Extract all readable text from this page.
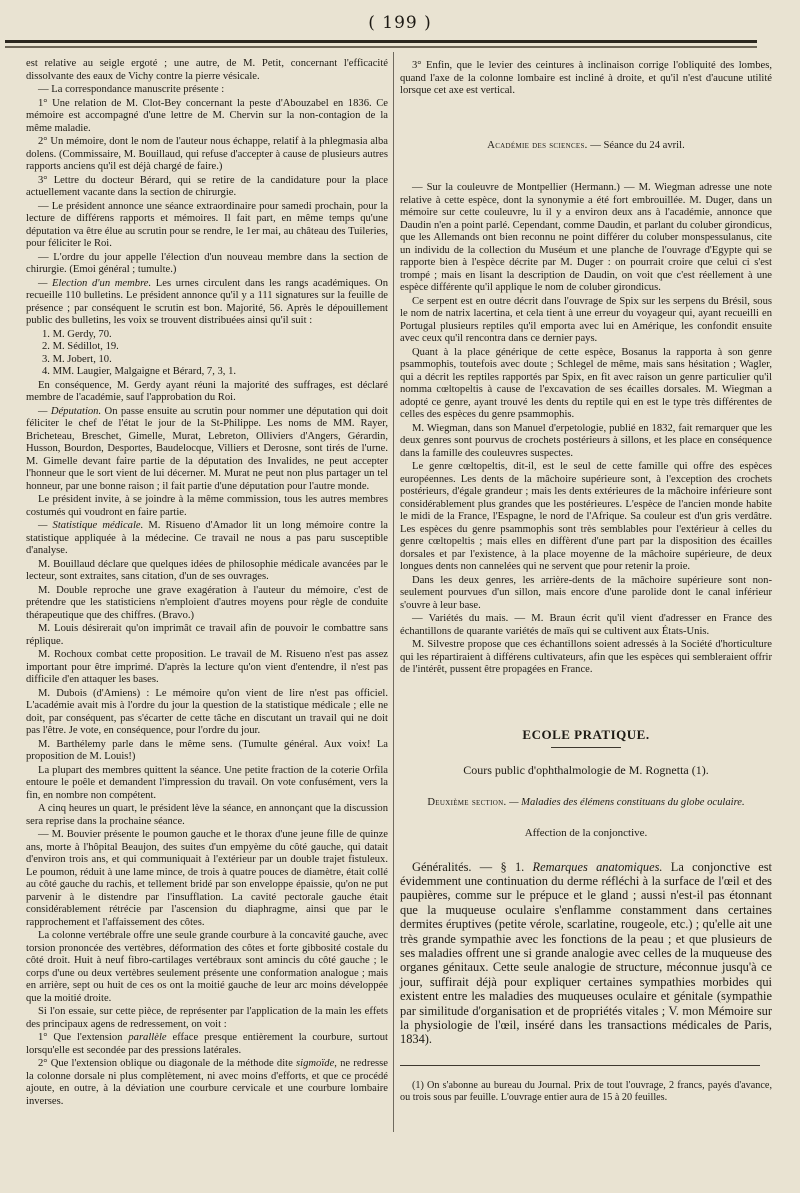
( 199 )

est relative au seigle ergoté ; une autre, de M. Petit, concernant l'efficacité dissolvante des eaux de Vichy contre la pierre vésicale.

— La correspondance manuscrite présente :

1° Une relation de M. Clot-Bey concernant la peste d'Abouzabel en 1836. Ce mémoire est accompagné d'une lettre de M. Chervin sur la non-contagion de la même maladie.

2° Un mémoire, dont le nom de l'auteur nous échappe, relatif à la phlegmasia alba dolens. (Commissaire, M. Bouillaud, qui refuse d'accepter à cause de plusieurs autres rapports anciens qu'il est déjà chargé de faire.)

3° Lettre du docteur Bérard, qui se retire de la candidature pour la place actuellement vacante dans la section de chirurgie.

— Le président annonce une séance extraordinaire pour samedi prochain, pour la lecture de différens rapports et mémoires. Il fait part, en même temps qu'une députation va être élue au scrutin pour se rendre, le 1er mai, au château des Tuileries, pour féliciter le Roi.

— L'ordre du jour appelle l'élection d'un nouveau membre dans la section de chirurgie. (Emoi général ; tumulte.)

— Election d'un membre. Les urnes circulent dans les rangs académiques. On recueille 110 bulletins. Le président annonce qu'il y a 111 signatures sur la feuille de présence ; par conséquent le scrutin est bon. Majorité, 56. Après le dépouillement public des bulletins, les voix se trouvent distribuées ainsi qu'il suit :

1. M. Gerdy, 70.
2. M. Sédillot, 19.
3. M. Jobert, 10.
4. MM. Laugier, Malgaigne et Bérard, 7, 3, 1.

En conséquence, M. Gerdy ayant réuni la majorité des suffrages, est déclaré membre de l'académie, sauf l'approbation du Roi.

— Députation. On passe ensuite au scrutin pour nommer une députation qui doit féliciter le chef de l'état le jour de la St-Philippe. Les noms de MM. Rayer, Bricheteau, Breschet, Gimelle, Murat, Lebreton, Olliviers d'Angers, Gérardin, Husson, Bourdon, Desportes, Baudelocque, Villiers et Derosne, sont tirés de l'urne. M. Gimelle devant faire partie de la députation des Invalides, ne peut accepter l'honneur que le sort vient de lui décerner. M. Murat ne peut non plus partager un tel honneur, par une bonne raison ; il fait partie d'une députation pour l'autre monde.

Le président invite, à se joindre à la même commission, tous les autres membres costumés qui voudront en faire partie.

— Statistique médicale. M. Risueno d'Amador lit un long mémoire contre la statistique appliquée à la médecine. Ce travail ne nous a pas paru susceptible d'analyse.

M. Bouillaud déclare que quelques idées de philosophie médicale avancées par le lecteur, sont extraites, sans citation, d'un de ses ouvrages.

M. Double reproche une grave exagération à l'auteur du mémoire, c'est de prétendre que les statisticiens n'emploient d'autres moyens pour règle de conduite thérapeutique que des chiffres. (Bravo.)

M. Louis désirerait qu'on imprimât ce travail afin de pouvoir le combattre sans réplique.

M. Rochoux combat cette proposition. Le travail de M. Risueno n'est pas assez important pour être imprimé. D'après la lecture qu'on vient d'entendre, il n'est pas difficile d'en attaquer les bases.

M. Dubois (d'Amiens) : Le mémoire qu'on vient de lire n'est pas officiel. L'académie avait mis à l'ordre du jour la question de la statistique médicale ; elle ne doit, par conséquent, pas s'écarter de cette tâche en discutant un travail qui ne doit pas l'être. Je vote, en conséquence, pour l'ordre du jour.

M. Barthélemy parle dans le même sens. (Tumulte général. Aux voix! La proposition de M. Louis!)

La plupart des membres quittent la séance. Une petite fraction de la coterie Orfila entoure le poêle et demandent l'impression du travail. On vote confusément, vers la fin, en nombre non compétent.

A cinq heures un quart, le président lève la séance, en annonçant que la discussion sera reprise dans la prochaine séance.

— M. Bouvier présente le poumon gauche et le thorax d'une jeune fille de quinze ans, morte à l'hôpital Beaujon, des suites d'un empyème du côté gauche, qui datait d'environ trois ans, et qui communiquait à l'extérieur par un double trajet fistuleux. Le poumon, réduit à une lame mince, de trois à quatre pouces de diamètre, était collé au côté gauche du rachis, et tellement bridé par son enveloppe épaissie, qu'on ne put parvenir à le distendre par l'insufflation. La cavité pectorale gauche était considérablement rétrécie par l'ascension du diaphragme, ainsi que par le rapprochement et l'affaissement des côtes.

La colonne vertébrale offre une seule grande courbure à la concavité gauche, avec torsion prononcée des vertèbres, déformation des côtes et forte gibbosité costale du côté droit. Huit à neuf fibro-cartilages vertébraux sont amincis du côté gauche ; le corps d'une ou deux vertèbres seulement présente une conformation analogue ; mais en arrière, sept ou huit de ces os ont la moitié gauche de leur arc moins développée que la moitié droite.

Si l'on essaie, sur cette pièce, de représenter par l'application de la main les effets des principaux agens de redressement, on voit :

1° Que l'extension parallèle efface presque entièrement la courbure, surtout lorsqu'elle est secondée par des pressions latérales.

2° Que l'extension oblique ou diagonale de la méthode dite sigmoïde, ne redresse la colonne dorsale ni plus complètement, ni avec moins d'efforts, et que ce procédé ajoute, en outre, à la déviation une courbure cervicale et une courbure lombaire inverses.

3° Enfin, que le levier des ceintures à inclinaison corrige l'obliquité des lombes, quand l'axe de la colonne lombaire est incliné à droite, et qu'il n'est d'aucune utilité lorsque cet axe est vertical.

Académie des sciences. — Séance du 24 avril.

— Sur la couleuvre de Montpellier (Hermann.) — M. Wiegman adresse une note relative à cette espèce, dont la synonymie a été fort embrouillée. M. Duger, dans un mémoire sur cette couleuvre, lu il y a environ deux ans à l'académie, annonce que Daudin n'en a point parlé. Cependant, comme Daudin, et parlant du coluber girondicus, que les Allemands ont bien reconnu ne point différer du coluber monspessulanus, cite un individu de la collection du Muséum et une planche de l'ouvrage d'Egypte qui se rapporte bien à l'espèce décrite par M. Duger : on pourrait croire que celui ci s'est trompé ; mais en lisant la description de Daudin, on voit que c'est réellement à une espèce différente qu'il applique le nom de coluber girondicus.

Ce serpent est en outre décrit dans l'ouvrage de Spix sur les serpens du Brésil, sous le nom de natrix lacertina, et cela tient à une erreur du voyageur qui, ayant recueilli en Portugal plusieurs reptiles qu'il emporta avec lui en Amérique, les confondit ensuite avec ceux qu'il rencontra dans ce dernier pays.

Quant à la place générique de cette espèce, Bosanus la rapporta à son genre psammophis, toutefois avec doute ; Schlegel de même, mais sans hésitation ; Wagler, qui a décrit les reptiles rapportés par Spix, en fit avec raison un genre particulier qu'il nomma cœltopeltis à cause de l'excavation de ses écailles dorsales. M. Wiegman a adopté ce genre, ayant trouvé les dents du reptile qui en est le type très différentes de celles des espèces du genre psammophis.

M. Wiegman, dans son Manuel d'erpetologie, publié en 1832, fait remarquer que les deux genres sont pourvus de crochets postérieurs à sillons, et les place en conséquence dans la famille des couleuvres suspectes.

Le genre cœltopeltis, dit-il, est le seul de cette famille qui offre des espèces européennes. Les dents de la mâchoire supérieure sont, à l'exception des crochets postérieurs, d'égale grandeur ; mais les dents extérieures de la mâchoire inférieure sont considérablement plus grandes que les postérieures. L'espèce de l'ancien monde habite le midi de la France, l'Espagne, le nord de l'Afrique. Sa couleur est d'un gris verdâtre. Les espèces du genre psammophis sont très semblables pour l'extérieur à celles du genre cœltopeltis ; mais elles en diffèrent d'une part par la disposition des écailles dorsales et par l'existence, à la place moyenne de la mâchoire supérieure, de deux longues dents non cannelées qui ne servent que pour retenir la proie.

Dans les deux genres, les arrière-dents de la mâchoire supérieure sont non-seulement pourvues d'un sillon, mais encore d'une parolide dont le canal inférieur s'ouvre à leur base.

— Variétés du mais. — M. Braun écrit qu'il vient d'adresser en France des échantillons de quarante variétés de maïs qui se cultivent aux États-Unis.

M. Silvestre propose que ces échantillons soient adressés à la Société d'horticulture qui les répartiraient à différens cultivateurs, afin que les espèces qui sembleraient offrir de l'intérêt, pussent être propagées en France.

ECOLE PRATIQUE.
Cours public d'ophthalmologie de M. Rognetta (1).
Deuxième section. — Maladies des élémens constituans du globe oculaire.
Affection de la conjonctive.

Généralités. — § 1. Remarques anatomiques. La conjonctive est évidemment une continuation du derme réfléchi à la surface de l'œil et des paupières, comme sur le prépuce et le gland ; aussi n'est-il pas étonnant que la muqueuse oculaire s'enflamme constamment dans certaines dermites éruptives (petite vérole, scarlatine, rougeole, etc.) ; qu'elle ait une très grande sympathie avec les fonctions de la peau ; et que plusieurs de ses maladies offrent une si grande analogie avec celles de la muqueuse des organes génitaux. Cette seule analogie de structure, méconnue jusqu'à ce jour, suffirait déjà pour expliquer certaines sympathies morbides qui existent entre les maladies des muqueuses oculaire et génitale (sympathie par similitude d'organisation et de propriétés vitales ; V. mon Mémoire sur la physiologie de l'œil, inséré dans les transactions médicales de Paris, 1834).

(1) On s'abonne au bureau du Journal. Prix de tout l'ouvrage, 2 francs, payés d'avance, ou trois sous par feuille. L'ouvrage entier aura de 15 à 20 feuilles.
